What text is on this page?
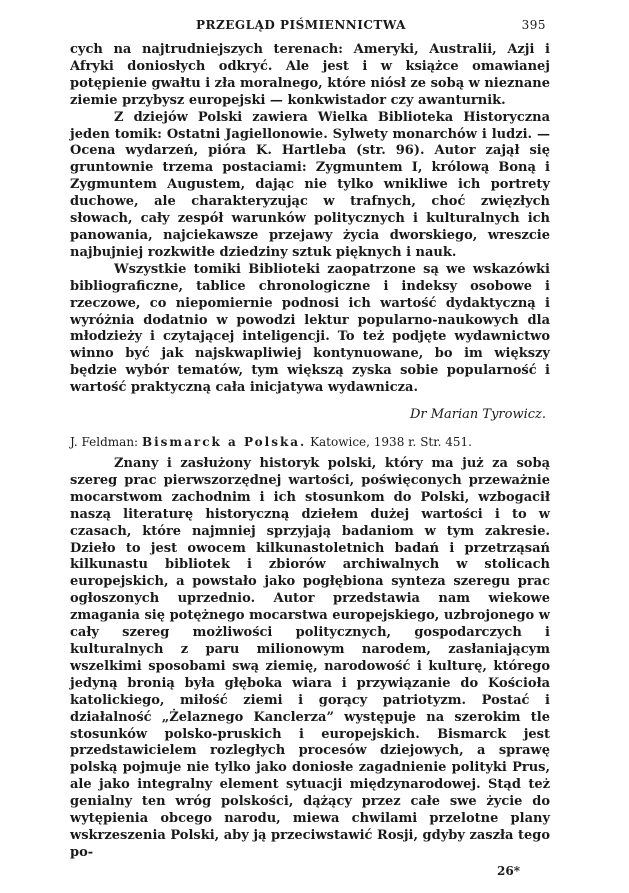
PRZEGLĄD PIŚMIENNICTWA	395

cych na najtrudniejszych terenach: Ameryki, Australii, Azji i Afryki doniosłych odkryć. Ale jest i w książce omawianej potępienie gwałtu i zła moralnego, które niósł ze sobą w nieznane ziemie przybysz europejski — konkwistador czy awanturnik.

Z dziejów Polski zawiera Wielka Biblioteka Historyczna jeden tomik: Ostatni Jagiellonowie. Sylwety monarchów i ludzi. — Ocena wydarzeń, pióra K. Hartleba (str. 96). Autor zajął się gruntownie trzema postaciami: Zygmuntem I, królową Boną i Zygmuntem Augustem, dając nie tylko wnikliwe ich portrety duchowe, ale charakteryzując w trafnych, choć zwięzłych słowach, cały zespół warunków politycznych i kulturalnych ich panowania, najciekawsze przejawy życia dworskiego, wreszcie najbujniej rozkwitłe dziedziny sztuk pięknych i nauk.

Wszystkie tomiki Biblioteki zaopatrzone są we wskazówki bibliograficzne, tablice chronologiczne i indeksy osobowe i rzeczowe, co niepomiernie podnosi ich wartość dydaktyczną i wyróżnia dodatnio w powodzi lektur popularno-naukowych dla młodzieży i czytającej inteligencji. To też podjęte wydawnictwo winno być jak najskwapliwiej kontynuowane, bo im większy będzie wybór tematów, tym większą zyska sobie popularność i wartość praktyczną cała inicjatywa wydawnicza.

Dr Marian Tyrowicz.
J. Feldman: Bismarck a Polska. Katowice, 1938 r. Str. 451.

Znany i zasłużony historyk polski, który ma już za sobą szereg prac pierwszorzędnej wartości, poświęconych przeważnie mocarstwom zachodnim i ich stosunkom do Polski, wzbogacił naszą literaturę historyczną dziełem dużej wartości i to w czasach, które najmniej sprzyjają badaniom w tym zakresie. Dzieło to jest owocem kilkunastoletnich badań i przetrząsań kilkunastu bibliotek i zbiorów archiwalnych w stolicach europejskich, a powstało jako pogłębiona synteza szeregu prac ogłoszonych uprzednio. Autor przedstawia nam wiekowe zmagania się potężnego mocarstwa europejskiego, uzbrojonego w cały szereg możliwości politycznych, gospodarczych i kulturalnych z paru milionowym narodem, zasłaniającym wszelkimi sposobami swą ziemię, narodowość i kulturę, którego jedyną bronią była głęboka wiara i przywiązanie do Kościoła katolickiego, miłość ziemi i gorący patriotyzm. Postać i działalność „Żelaznego Kanclerza” występuje na szerokim tle stosunków polsko-pruskich i europejskich. Bismarck jest przedstawicielem rozległych procesów dziejowych, a sprawę polską pojmuje nie tylko jako doniosłe zagadnienie polityki Prus, ale jako integralny element sytuacji międzynarodowej. Stąd też genialny ten wróg polskości, dążący przez całe swe życie do wytępienia obcego narodu, miewa chwilami przelotne plany wskrzeszenia Polski, aby ją przeciwstawić Rosji, gdyby zaszła tego po-

26*
